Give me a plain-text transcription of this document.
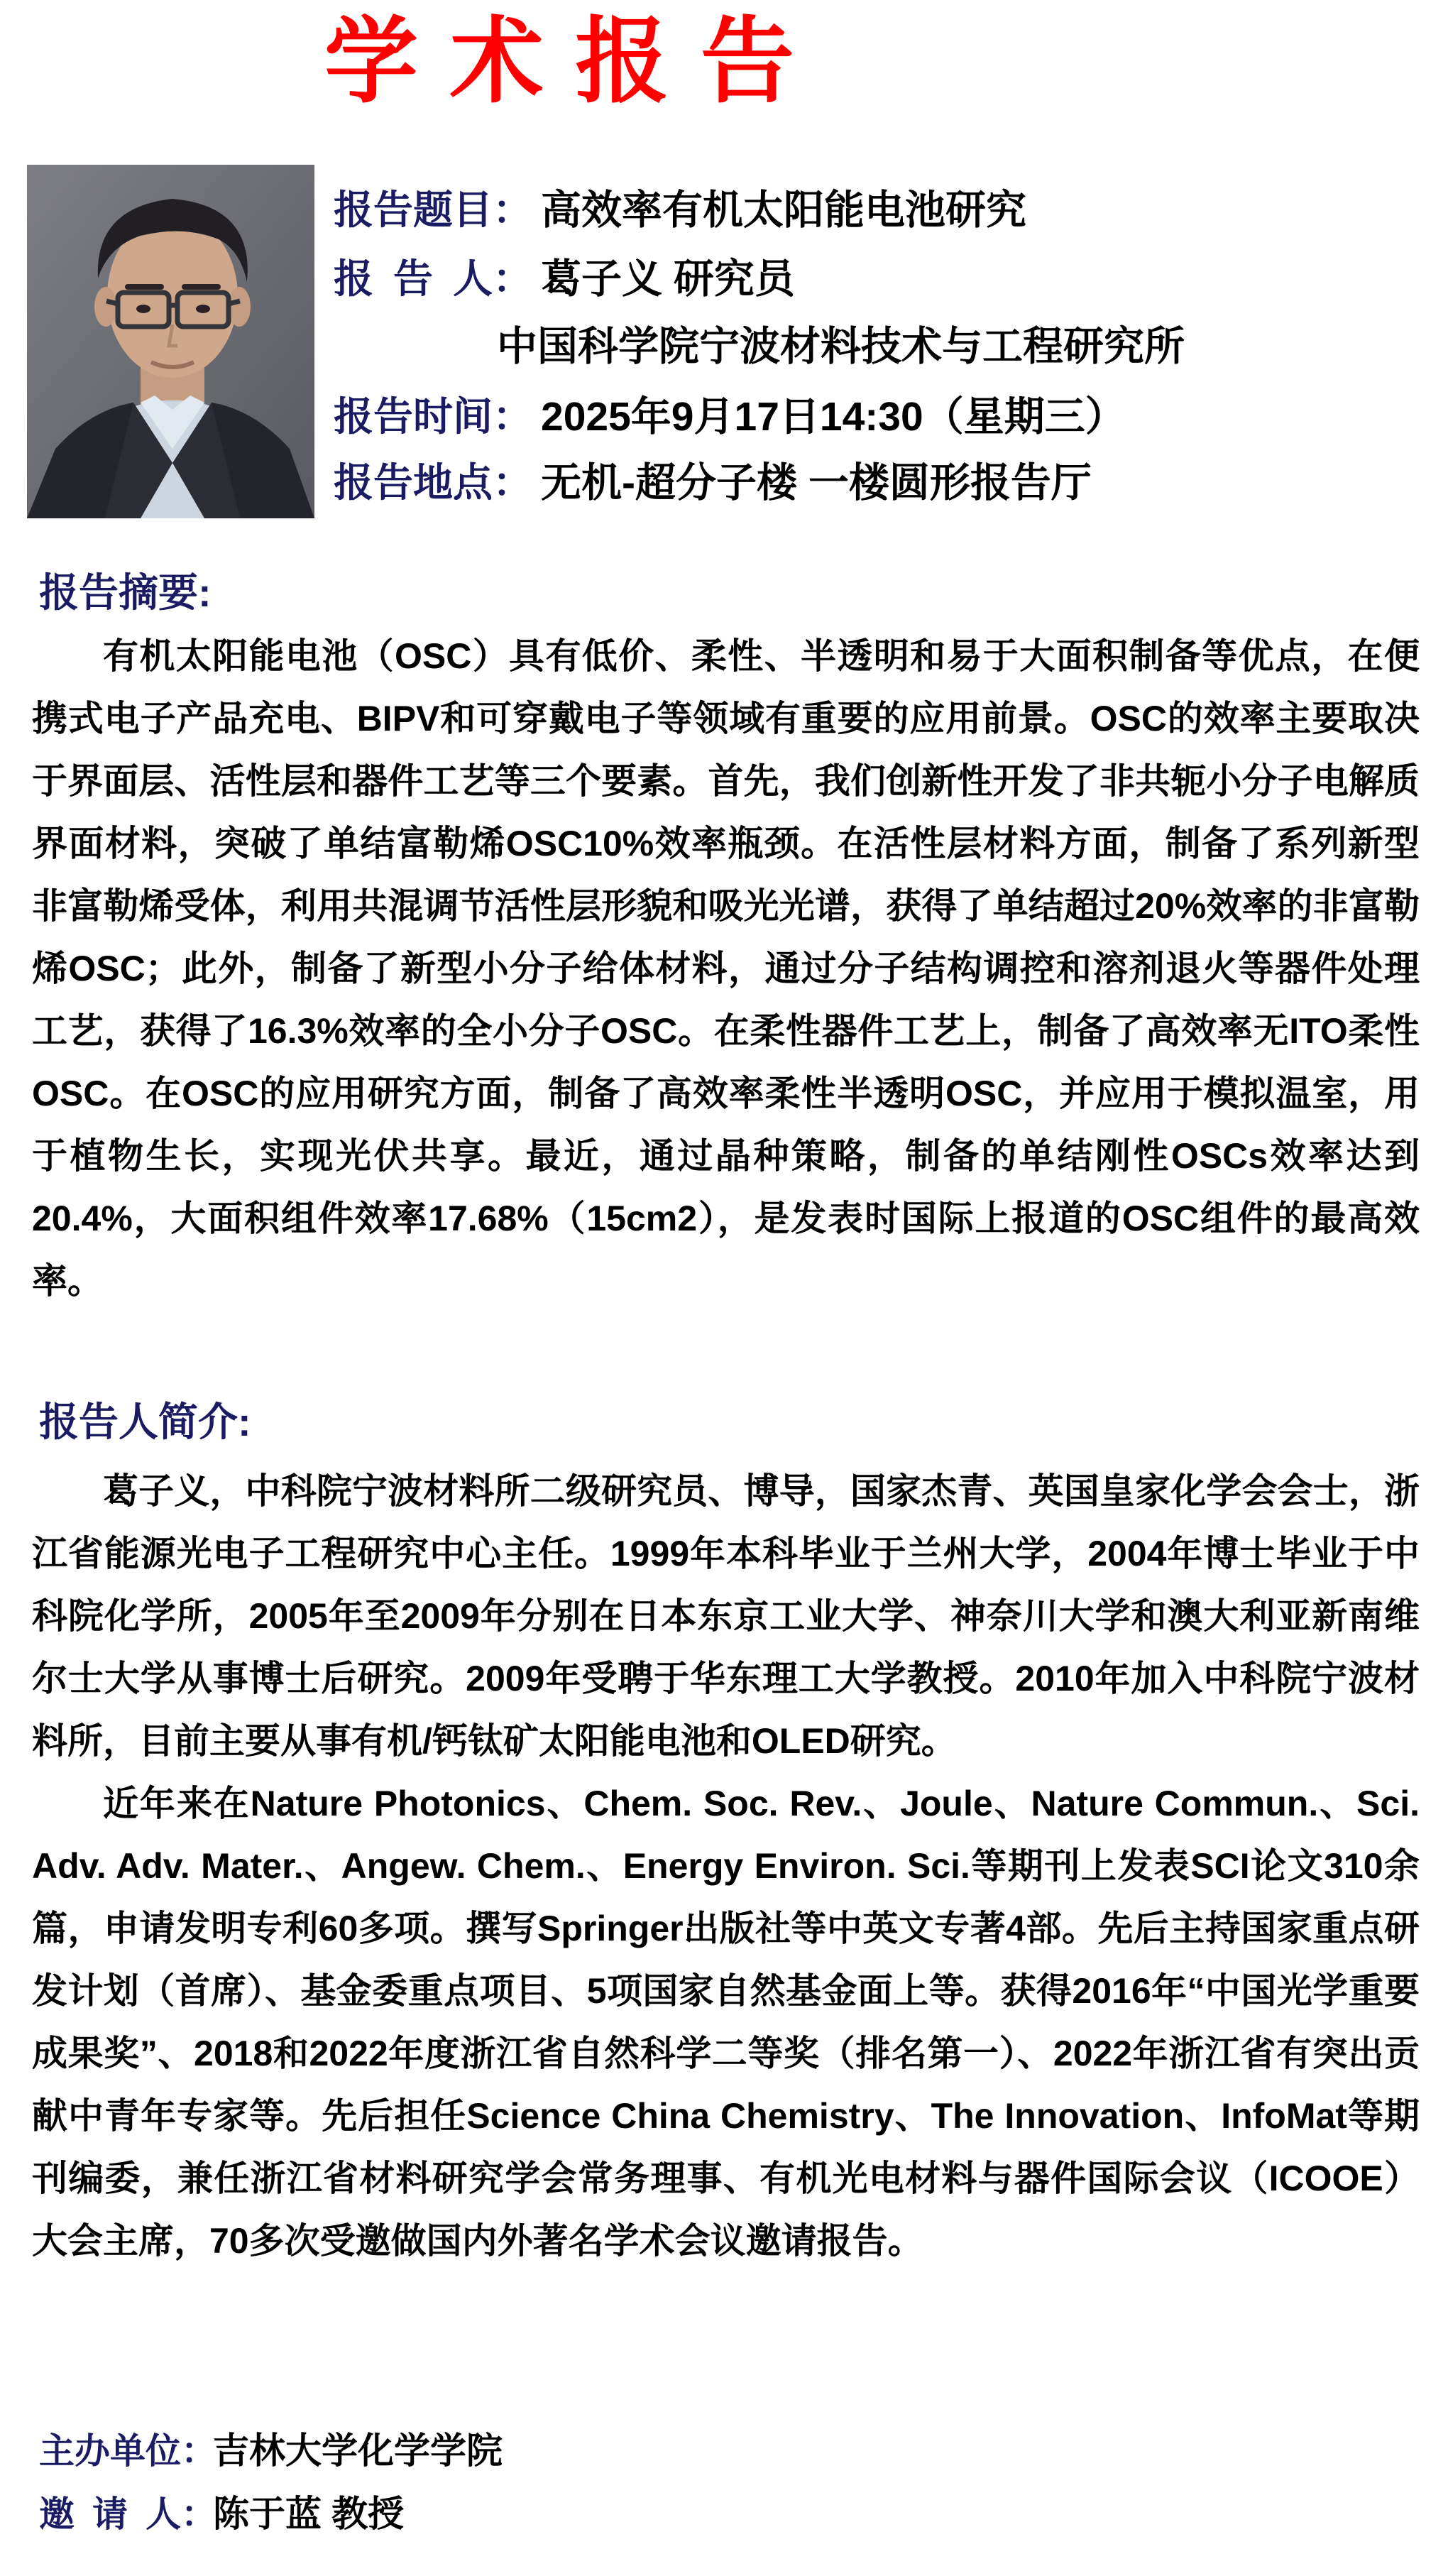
学 术 报 告
报告题目： 高效率有机太阳能电池研究
报 告 人： 葛子义 研究员
中国科学院宁波材料技术与工程研究所
报告时间： 2025年9月17日14:30（星期三）
报告地点： 无机-超分子楼 一楼圆形报告厅
报告摘要:

有机太阳能电池（OSC）具有低价、柔性、半透明和易于大面积制备等优点，在便携式电子产品充电、BIPV和可穿戴电子等领域有重要的应用前景。OSC的效率主要取决于界面层、活性层和器件工艺等三个要素。首先，我们创新性开发了非共轭小分子电解质界面材料，突破了单结富勒烯OSC10%效率瓶颈。在活性层材料方面，制备了系列新型非富勒烯受体，利用共混调节活性层形貌和吸光光谱，获得了单结超过20%效率的非富勒烯OSC；此外，制备了新型小分子给体材料，通过分子结构调控和溶剂退火等器件处理工艺，获得了16.3%效率的全小分子OSC。在柔性器件工艺上，制备了高效率无ITO柔性OSC。在OSC的应用研究方面，制备了高效率柔性半透明OSC，并应用于模拟温室，用于植物生长，实现光伏共享。最近，通过晶种策略，制备的单结刚性OSCs效率达到20.4%，大面积组件效率17.68%（15cm2），是发表时国际上报道的OSC组件的最高效率。

报告人简介:

葛子义，中科院宁波材料所二级研究员、博导，国家杰青、英国皇家化学会会士，浙江省能源光电子工程研究中心主任。1999年本科毕业于兰州大学，2004年博士毕业于中科院化学所，2005年至2009年分别在日本东京工业大学、神奈川大学和澳大利亚新南维尔士大学从事博士后研究。2009年受聘于华东理工大学教授。2010年加入中科院宁波材料所，目前主要从事有机/钙钛矿太阳能电池和OLED研究。

近年来在Nature Photonics、Chem. Soc. Rev.、Joule、Nature Commun.、Sci. Adv. Adv. Mater.、Angew. Chem.、Energy Environ. Sci.等期刊上发表SCI论文310余篇，申请发明专利60多项。撰写Springer出版社等中英文专著4部。先后主持国家重点研发计划（首席）、基金委重点项目、5项国家自然基金面上等。获得2016年“中国光学重要成果奖”、2018和2022年度浙江省自然科学二等奖（排名第一）、2022年浙江省有突出贡献中青年专家等。先后担任Science China Chemistry、The Innovation、InfoMat等期刊编委，兼任浙江省材料研究学会常务理事、有机光电材料与器件国际会议（ICOOE）大会主席，70多次受邀做国内外著名学术会议邀请报告。

主办单位：吉林大学化学学院
邀 请 人：陈于蓝 教授
